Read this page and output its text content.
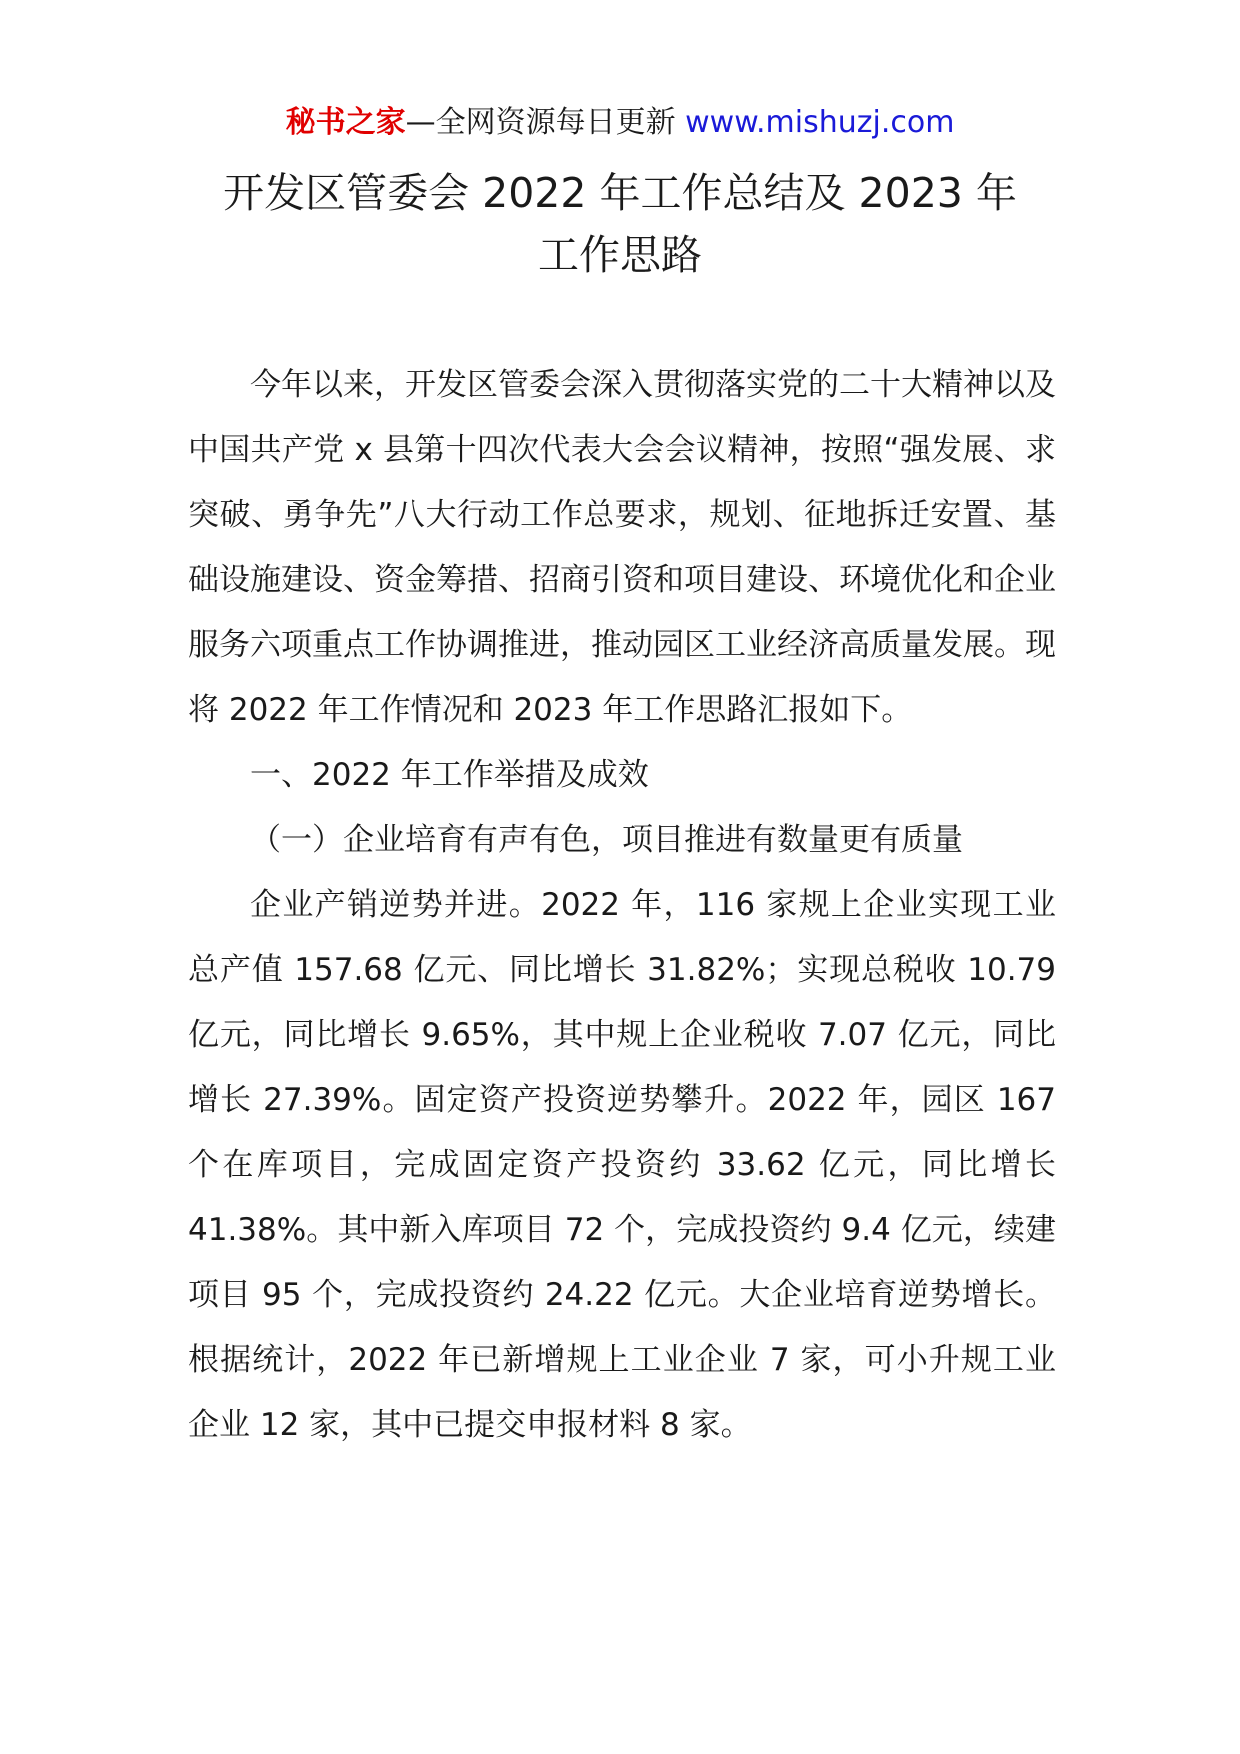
秘书之家—全网资源每日更新 www.mishuzj.com
开发区管委会 2022 年工作总结及 2023 年
工作思路

今年以来，开发区管委会深入贯彻落实党的二十大精神以及中国共产党 x 县第十四次代表大会会议精神，按照“强发展、求突破、勇争先”八大行动工作总要求，规划、征地拆迁安置、基础设施建设、资金筹措、招商引资和项目建设、环境优化和企业服务六项重点工作协调推进，推动园区工业经济高质量发展。现将 2022 年工作情况和 2023 年工作思路汇报如下。

一、2022 年工作举措及成效

（一）企业培育有声有色，项目推进有数量更有质量

企业产销逆势并进。2022 年，116 家规上企业实现工业总产值 157.68 亿元、同比增长 31.82%；实现总税收 10.79 亿元，同比增长 9.65%，其中规上企业税收 7.07 亿元，同比增长 27.39%。固定资产投资逆势攀升。2022 年，园区 167 个在库项目，完成固定资产投资约 33.62 亿元，同比增长 41.38%。其中新入库项目 72 个，完成投资约 9.4 亿元，续建项目 95 个，完成投资约 24.22 亿元。大企业培育逆势增长。根据统计，2022 年已新增规上工业企业 7 家，可小升规工业企业 12 家，其中已提交申报材料 8 家。
